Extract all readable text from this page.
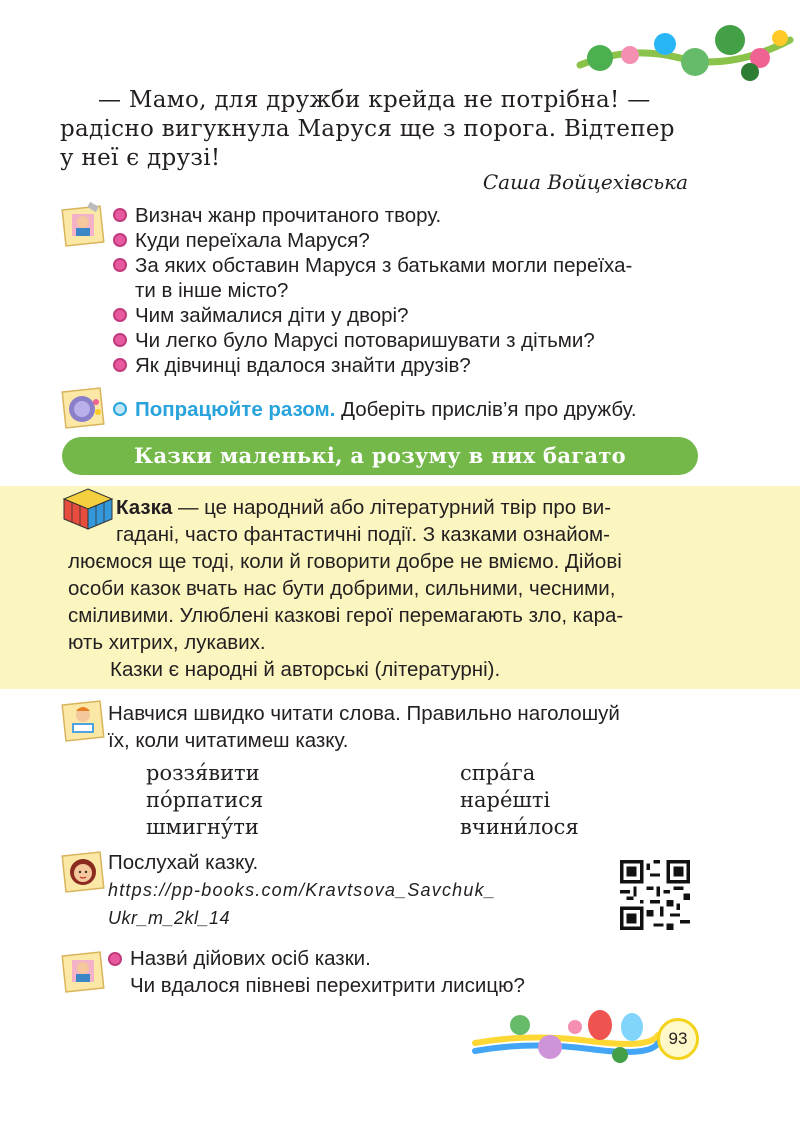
— Мамо, для дружби крейда не потрібна! —

радісно вигукнула Маруся ще з порога. Відтепер

у неї є друзі!

Саша Войцехівська
Визнач жанр прочитаного твору.
Куди переїхала Маруся?
За яких обставин Маруся з батьками могли переїха-
ти в інше місто?
Чим займалися діти у дворі?
Чи легко було Марусі потоваришувати з дітьми?
Як дівчинці вдалося знайти друзів?
Попрацюйте разом. Доберіть прислів’я про дружбу.
Казки маленькі, а розуму в них багато

Казка — це народний або літературний твір про ви-

гадані, часто фантастичні події. З казками ознайом-

люємося ще тоді, коли й говорити добре не вміємо. Дійові

особи казок вчать нас бути добрими, сильними, чесними,

сміливими. Улюблені казкові герої перемагають зло, кара-

ють хитрих, лукавих.

Казки є народні й авторські (літературні).

Навчися швидко читати слова. Правильно наголошуй
їх, коли читатимеш казку.
роззя́вити
по́рпатися
шмигну́ти
спра́га
наре́шті
вчини́лося
Послухай казку.
https://pp-books.com/Kravtsova_Savchuk_
Ukr_m_2kl_14
Назви́ дійових осіб казки.
Чи вдалося півневі перехитрити лисицю?
93
